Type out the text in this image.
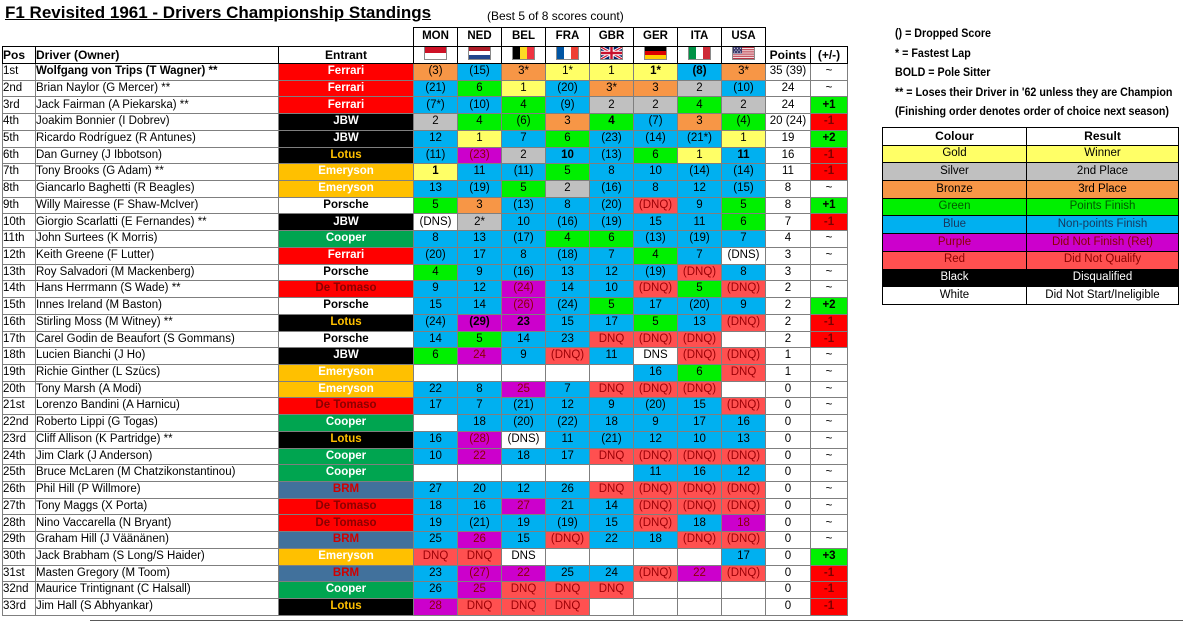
F1 Revisited 1961 - Drivers Championship Standings	(Best 5 of 8 scores count)
			MON	NED	BEL	FRA	GBR	GER	ITA	USA		
Pos	Driver (Owner)	Entrant									Points	(+/-)
1st	Wolfgang von Trips (T Wagner) **	Ferrari	(3)	(15)	3*	1*	1	1*	(8)	3*	35 (39)	~
2nd	Brian Naylor (G Mercer) **	Ferrari	(21)	6	1	(20)	3*	3	2	(10)	24	~
3rd	Jack Fairman (A Piekarska) **	Ferrari	(7*)	(10)	4	(9)	2	2	4	2	24	+1
4th	Joakim Bonnier (I Dobrev)	JBW	2	4	(6)	3	4	(7)	3	(4)	20 (24)	-1
5th	Ricardo Rodríguez (R Antunes)	JBW	12	1	7	6	(23)	(14)	(21*)	1	19	+2
6th	Dan Gurney (J Ibbotson)	Lotus	(11)	(23)	2	10	(13)	6	1	11	16	-1
7th	Tony Brooks (G Adam) **	Emeryson	1	11	(11)	5	8	10	(14)	(14)	11	-1
8th	Giancarlo Baghetti (R Beagles)	Emeryson	13	(19)	5	2	(16)	8	12	(15)	8	~
9th	Willy Mairesse (F Shaw-McIver)	Porsche	5	3	(13)	8	(20)	(DNQ)	9	5	8	+1
10th	Giorgio Scarlatti (E Fernandes) **	JBW	(DNS)	2*	10	(16)	(19)	15	11	6	7	-1
11th	John Surtees (K Morris)	Cooper	8	13	(17)	4	6	(13)	(19)	7	4	~
12th	Keith Greene (F Lutter)	Ferrari	(20)	17	8	(18)	7	4	7	(DNS)	3	~
13th	Roy Salvadori (M Mackenberg)	Porsche	4	9	(16)	13	12	(19)	(DNQ)	8	3	~
14th	Hans Herrmann (S Wade) **	De Tomaso	9	12	(24)	14	10	(DNQ)	5	(DNQ)	2	~
15th	Innes Ireland (M Baston)	Porsche	15	14	(26)	(24)	5	17	(20)	9	2	+2
16th	Stirling Moss (M Witney) **	Lotus	(24)	(29)	23	15	17	5	13	(DNQ)	2	-1
17th	Carel Godin de Beaufort (S Gommans)	Porsche	14	5	14	23	DNQ	(DNQ)	(DNQ)		2	-1
18th	Lucien Bianchi (J Ho)	JBW	6	24	9	(DNQ)	11	DNS	(DNQ)	(DNQ)	1	~
19th	Richie Ginther (L Szücs)	Emeryson						16	6	DNQ	1	~
20th	Tony Marsh (A Modi)	Emeryson	22	8	25	7	DNQ	(DNQ)	(DNQ)		0	~
21st	Lorenzo Bandini (A Harnicu)	De Tomaso	17	7	(21)	12	9	(20)	15	(DNQ)	0	~
22nd	Roberto Lippi (G Togas)	Cooper		18	(20)	(22)	18	9	17	16	0	~
23rd	Cliff Allison (K Partridge) **	Lotus	16	(28)	(DNS)	11	(21)	12	10	13	0	~
24th	Jim Clark (J Anderson)	Cooper	10	22	18	17	DNQ	(DNQ)	(DNQ)	(DNQ)	0	~
25th	Bruce McLaren (M Chatzikonstantinou)	Cooper						11	16	12	0	~
26th	Phil Hill (P Willmore)	BRM	27	20	12	26	DNQ	(DNQ)	(DNQ)	(DNQ)	0	~
27th	Tony Maggs (X Porta)	De Tomaso	18	16	27	21	14	(DNQ)	(DNQ)	(DNQ)	0	~
28th	Nino Vaccarella (N Bryant)	De Tomaso	19	(21)	19	(19)	15	(DNQ)	18	18	0	~
29th	Graham Hill (J Väänänen)	BRM	25	26	15	(DNQ)	22	18	(DNQ)	(DNQ)	0	~
30th	Jack Brabham (S Long/S Haider)	Emeryson	DNQ	DNQ	DNS					17	0	+3
31st	Masten Gregory (M Toom)	BRM	23	(27)	22	25	24	(DNQ)	22	(DNQ)	0	-1
32nd	Maurice Trintignant (C Halsall)	Cooper	26	25	DNQ	DNQ	DNQ				0	-1
33rd	Jim Hall (S Abhyankar)	Lotus	28	DNQ	DNQ	DNQ					0	-1
() = Dropped Score
* = Fastest Lap
BOLD = Pole Sitter
** = Loses their Driver in '62 unless they are Champion
(Finishing order denotes order of choice next season)
Colour	Result
Gold	Winner
Silver	2nd Place
Bronze	3rd Place
Green	Points Finish
Blue	Non-points Finish
Purple	Did Not Finish (Ret)
Red	Did Not Qualify
Black	Disqualified
White	Did Not Start/Ineligible
